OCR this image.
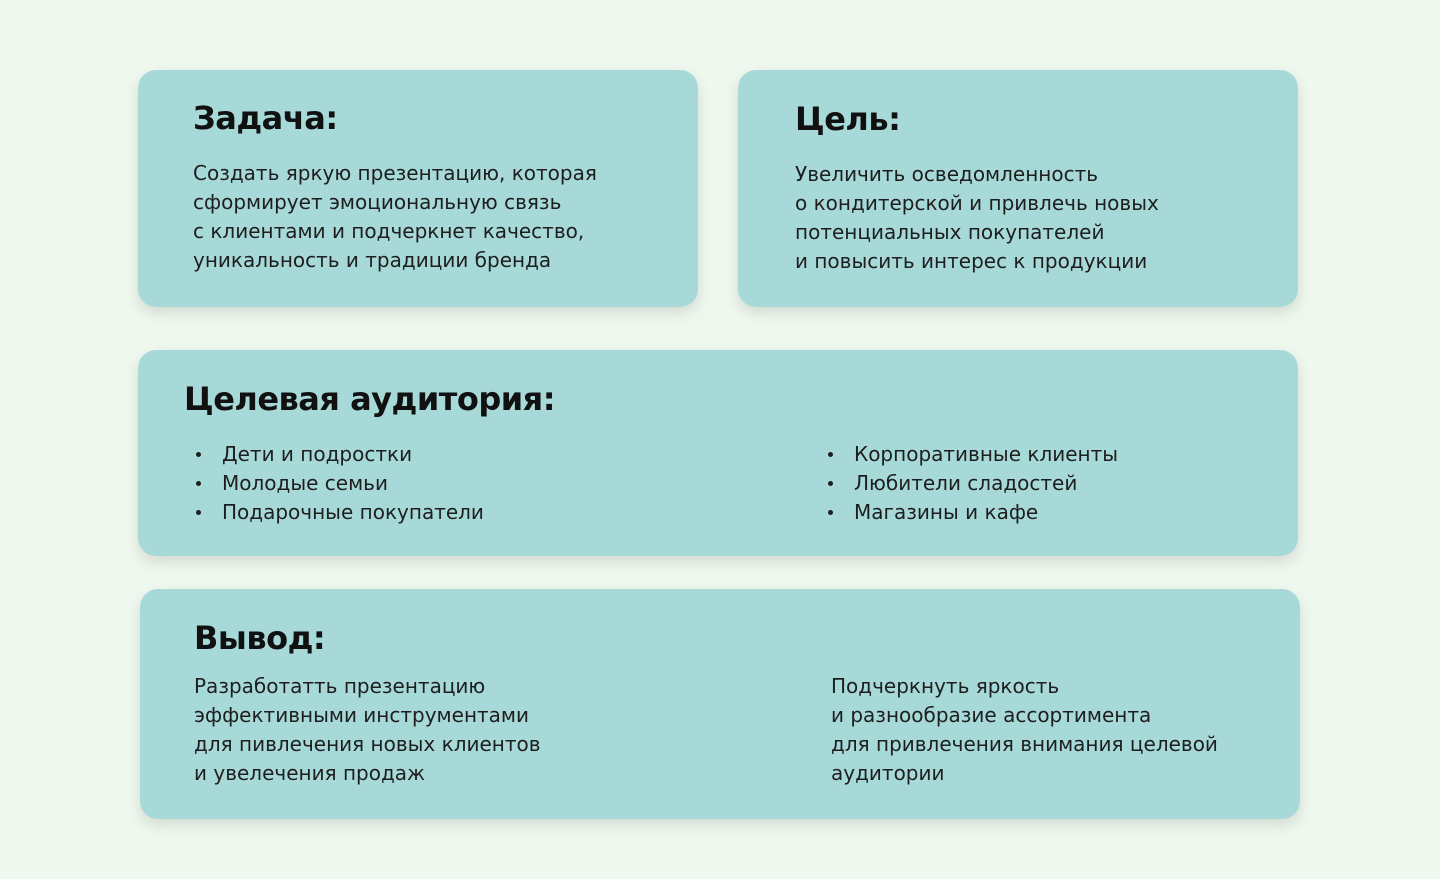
Задача:

Создать яркую презентацию, которая
сформирует эмоциональную связь
с клиентами и подчеркнет качество,
уникальность и традиции бренда

Цель:

Увеличить осведомленность
о кондитерской и привлечь новых
потенциальных покупателей
и повысить интерес к продукции

Целевая аудитория:
Дети и подростки
Молодые семьи
Подарочные покупатели
Корпоративные клиенты
Любители сладостей
Магазины и кафе
Вывод:

Разработатть презентацию
эффективными инструментами
для пивлечения новых клиентов
и увелечения продаж

Подчеркнуть яркость
и разнообразие ассортимента
для привлечения внимания целевой
аудитории
